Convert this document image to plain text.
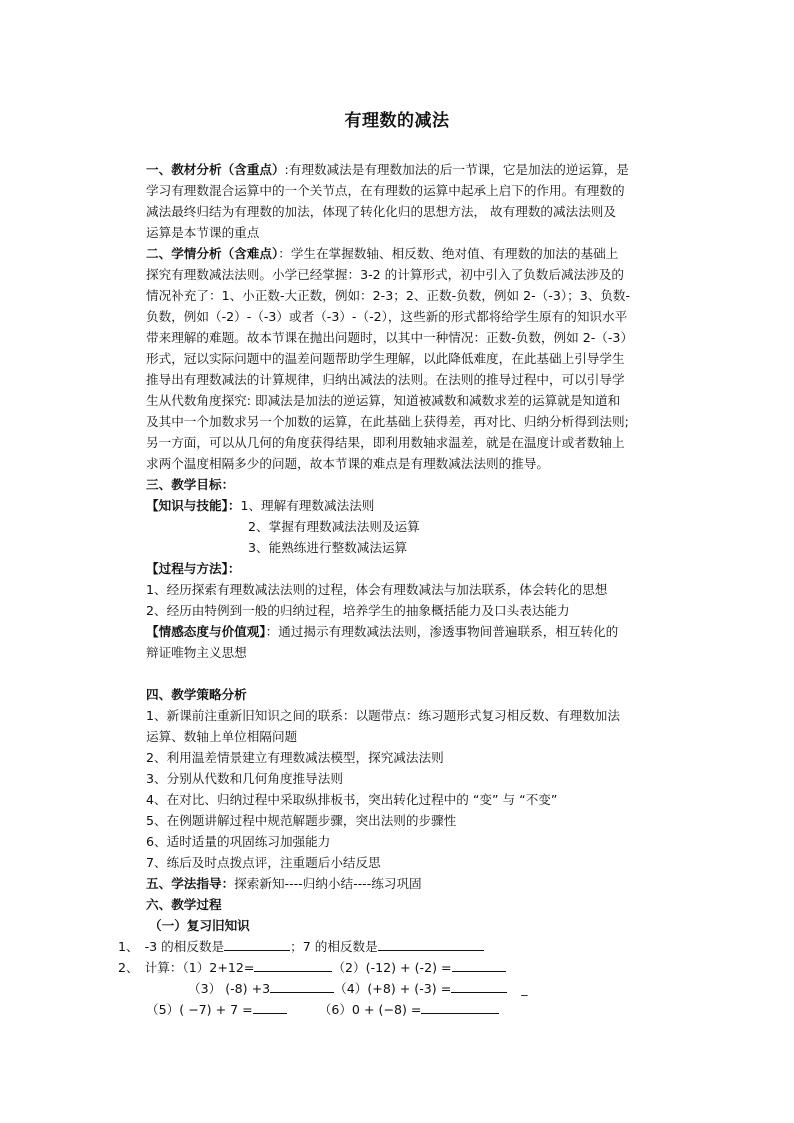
有理数的减法
一、教材分析（含重点）:有理数减法是有理数加法的后一节课，它是加法的逆运算，是
学习有理数混合运算中的一个关节点，在有理数的运算中起承上启下的作用。有理数的
减法最终归结为有理数的加法，体现了转化化归的思想方法， 故有理数的减法法则及
运算是本节课的重点
二、学情分析（含难点）：学生在掌握数轴、相反数、绝对值、有理数的加法的基础上
探究有理数减法法则。小学已经掌握：3-2 的计算形式，初中引入了负数后减法涉及的
情况补充了：1、小正数-大正数，例如：2-3；2、正数-负数，例如 2-（-3）；3、负数-
负数，例如（-2）-（-3）或者（-3）-（-2），这些新的形式都将给学生原有的知识水平
带来理解的难题。故本节课在抛出问题时，以其中一种情况：正数-负数，例如 2-（-3）
形式，冠以实际问题中的温差问题帮助学生理解，以此降低难度，在此基础上引导学生
推导出有理数减法的计算规律，归纳出减法的法则。在法则的推导过程中，可以引导学
生从代数角度探究: 即减法是加法的逆运算，知道被减数和减数求差的运算就是知道和
及其中一个加数求另一个加数的运算，在此基础上获得差，再对比、归纳分析得到法则;
另一方面，可以从几何的角度获得结果，即利用数轴求温差，就是在温度计或者数轴上
求两个温度相隔多少的问题，故本节课的难点是有理数减法法则的推导。
三、教学目标：
【知识与技能】：1、理解有理数减法法则
2、掌握有理数减法法则及运算
3、能熟练进行整数减法运算
【过程与方法】：
1、经历探索有理数减法法则的过程，体会有理数减法与加法联系，体会转化的思想
2、经历由特例到一般的归纳过程，培养学生的抽象概括能力及口头表达能力
【情感态度与价值观】：通过揭示有理数减法法则，渗透事物间普遍联系，相互转化的
辩证唯物主义思想
四、教学策略分析
1、新课前注重新旧知识之间的联系：以题带点：练习题形式复习相反数、有理数加法
运算、数轴上单位相隔问题
2、利用温差情景建立有理数减法模型，探究减法法则
3、分别从代数和几何角度推导法则
4、在对比、归纳过程中采取纵排板书，突出转化过程中的 “变” 与 “不变”
5、在例题讲解过程中规范解题步骤，突出法则的步骤性
6、适时适量的巩固练习加强能力
7、练后及时点拨点评，注重题后小结反思
五、学法指导：探索新知----归纳小结----练习巩固
六、教学过程
（一）复习旧知识
1、 -3 的相反数是	；7 的相反数是
2、 计算：（1）2+12=	（2）(-12) + (-2) =
（3） (-8) +3	（4）(+8) + (-3) =	_
（5）( −7) + 7 =	（6）0 + (−8) =
